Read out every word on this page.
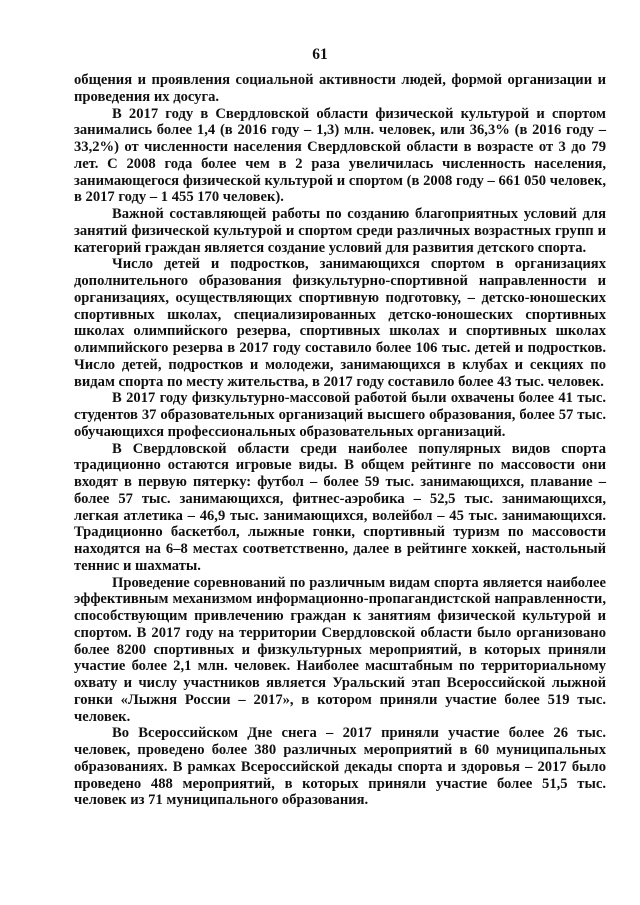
61

общения и проявления социальной активности людей, формой организации и проведения их досуга.

В 2017 году в Свердловской области физической культурой и спортом занимались более 1,4 (в 2016 году – 1,3) млн. человек, или 36,3% (в 2016 году – 33,2%) от численности населения Свердловской области в возрасте от 3 до 79 лет. С 2008 года более чем в 2 раза увеличилась численность населения, занимающегося физической культурой и спортом (в 2008 году – 661 050 человек, в 2017 году – 1 455 170 человек).

Важной составляющей работы по созданию благоприятных условий для занятий физической культурой и спортом среди различных возрастных групп и категорий граждан является создание условий для развития детского спорта.

Число детей и подростков, занимающихся спортом в организациях дополнительного образования физкультурно-спортивной направленности и организациях, осуществляющих спортивную подготовку, – детско-юношеских спортивных школах, специализированных детско-юношеских спортивных школах олимпийского резерва, спортивных школах и спортивных школах олимпийского резерва в 2017 году составило более 106 тыс. детей и подростков. Число детей, подростков и молодежи, занимающихся в клубах и секциях по видам спорта по месту жительства, в 2017 году составило более 43 тыс. человек.

В 2017 году физкультурно-массовой работой были охвачены более 41 тыс. студентов 37 образовательных организаций высшего образования, более 57 тыс. обучающихся профессиональных образовательных организаций.

В Свердловской области среди наиболее популярных видов спорта традиционно остаются игровые виды. В общем рейтинге по массовости они входят в первую пятерку: футбол – более 59 тыс. занимающихся, плавание – более 57 тыс. занимающихся, фитнес-аэробика – 52,5 тыс. занимающихся, легкая атлетика – 46,9 тыс. занимающихся, волейбол – 45 тыс. занимающихся. Традиционно баскетбол, лыжные гонки, спортивный туризм по массовости находятся на 6–8 местах соответственно, далее в рейтинге хоккей, настольный теннис и шахматы.

Проведение соревнований по различным видам спорта является наиболее эффективным механизмом информационно-пропагандистской направленности, способствующим привлечению граждан к занятиям физической культурой и спортом. В 2017 году на территории Свердловской области было организовано более 8200 спортивных и физкультурных мероприятий, в которых приняли участие более 2,1 млн. человек. Наиболее масштабным по территориальному охвату и числу участников является Уральский этап Всероссийской лыжной гонки «Лыжня России – 2017», в котором приняли участие более 519 тыс. человек.

Во Всероссийском Дне снега – 2017 приняли участие более 26 тыс. человек, проведено более 380 различных мероприятий в 60 муниципальных образованиях. В рамках Всероссийской декады спорта и здоровья – 2017 было проведено 488 мероприятий, в которых приняли участие более 51,5 тыс. человек из 71 муниципального образования.
